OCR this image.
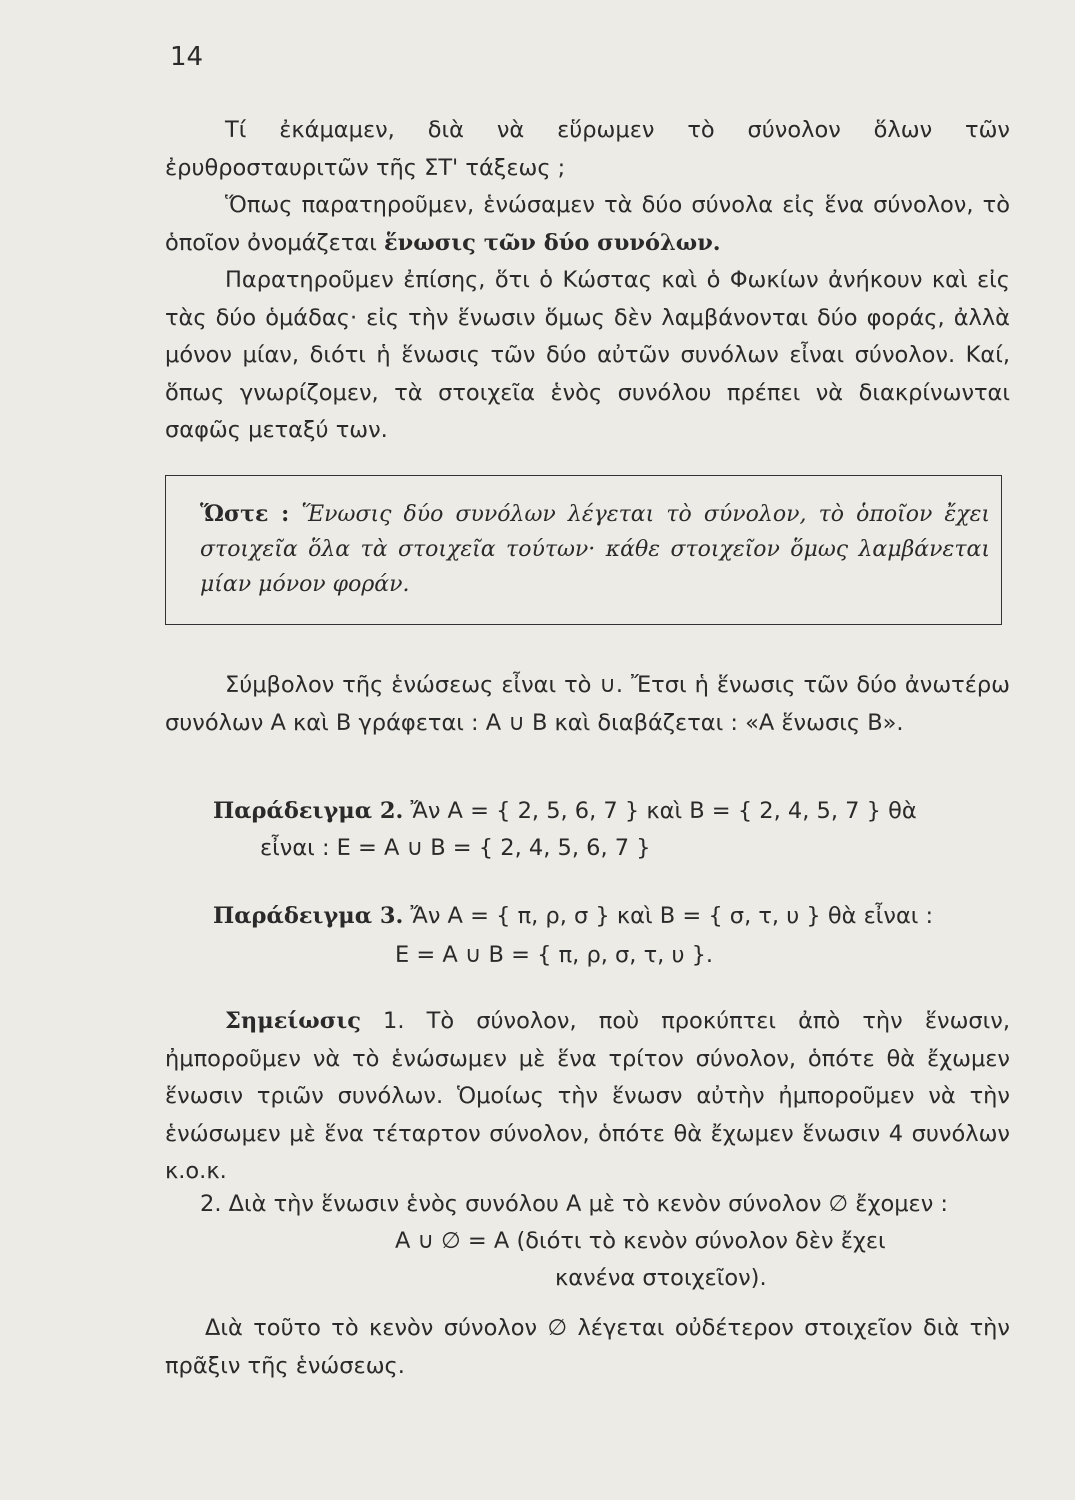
14
Τί ἐκάμαμεν, διὰ νὰ εὕρωμεν τὸ σύνολον ὅλων τῶν ἐρυθροσταυριτῶν τῆς ΣΤ' τάξεως ;
Ὅπως παρατηροῦμεν, ἑνώσαμεν τὰ δύο σύνολα εἰς ἕνα σύνολον, τὸ ὁποῖον ὀνομάζεται ἕνωσις τῶν δύο συνόλων.
Παρατηροῦμεν ἐπίσης, ὅτι ὁ Κώστας καὶ ὁ Φωκίων ἀνήκουν καὶ εἰς τὰς δύο ὁμάδας· εἰς τὴν ἕνωσιν ὅμως δὲν λαμβάνονται δύο φοράς, ἀλλὰ μόνον μίαν, διότι ἡ ἕνωσις τῶν δύο αὐτῶν συνόλων εἶναι σύνολον. Καί, ὅπως γνωρίζομεν, τὰ στοιχεῖα ἑνὸς συνόλου πρέπει νὰ διακρίνωνται σαφῶς μεταξύ των.
Ὥστε : Ἕνωσις δύο συνόλων λέγεται τὸ σύνολον, τὸ ὁποῖον ἔχει στοιχεῖα ὅλα τὰ στοιχεῖα τούτων· κάθε στοιχεῖον ὅμως λαμβάνεται μίαν μόνον φοράν.
Σύμβολον τῆς ἑνώσεως εἶναι τὸ ∪. Ἔτσι ἡ ἕνωσις τῶν δύο ἀνωτέρω συνόλων Α καὶ Β γράφεται : Α ∪ Β καὶ διαβάζεται : «Α ἕνωσις Β».
Παράδειγμα 2. Ἄν Α = { 2, 5, 6, 7 } καὶ Β = { 2, 4, 5, 7 } θὰ
εἶναι : Ε = Α ∪ Β = { 2, 4, 5, 6, 7 }
Παράδειγμα 3. Ἄν Α = { π, ρ, σ } καὶ Β = { σ, τ, υ } θὰ εἶναι :
Ε = Α ∪ Β = { π, ρ, σ, τ, υ }.
Σημείωσις 1. Τὸ σύνολον, ποὺ προκύπτει ἀπὸ τὴν ἕνωσιν, ἠμποροῦμεν νὰ τὸ ἑνώσωμεν μὲ ἕνα τρίτον σύνολον, ὁπότε θὰ ἔχωμεν ἕνωσιν τριῶν συνόλων. Ὁμοίως τὴν ἕνωσν αὐτὴν ἠμποροῦμεν νὰ τὴν ἑνώσωμεν μὲ ἕνα τέταρτον σύνολον, ὁπότε θὰ ἔχωμεν ἕνωσιν 4 συνόλων κ.ο.κ.
2. Διὰ τὴν ἕνωσιν ἑνὸς συνόλου Α μὲ τὸ κενὸν σύνολον ∅ ἔχομεν :
Α ∪ ∅ = Α (διότι τὸ κενὸν σύνολον δὲν ἔχει
κανένα στοιχεῖον).
Διὰ τοῦτο τὸ κενὸν σύνολον ∅ λέγεται οὐδέτερον στοιχεῖον διὰ τὴν πρᾶξιν τῆς ἑνώσεως.
